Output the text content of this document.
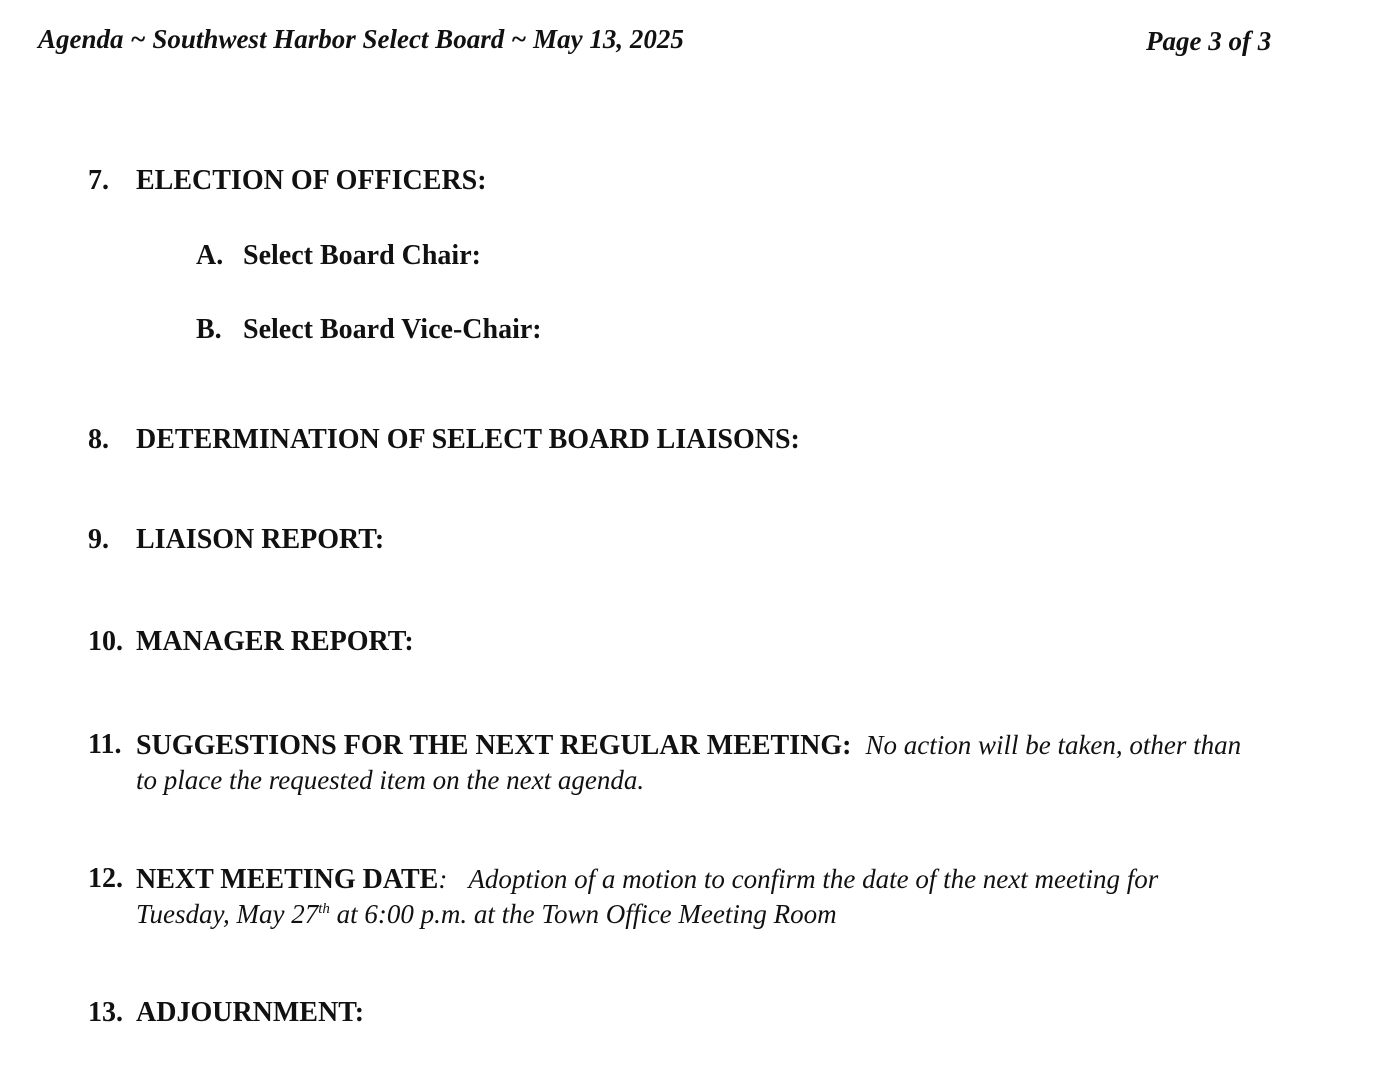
Agenda ~ Southwest Harbor Select Board ~ May 13, 2025	Page 3 of 3
7. ELECTION OF OFFICERS:
A. Select Board Chair:
B. Select Board Vice-Chair:
8. DETERMINATION OF SELECT BOARD LIAISONS:
9. LIAISON REPORT:
10. MANAGER REPORT:
11. SUGGESTIONS FOR THE NEXT REGULAR MEETING: No action will be taken, other than to place the requested item on the next agenda.
12. NEXT MEETING DATE: Adoption of a motion to confirm the date of the next meeting for Tuesday, May 27th at 6:00 p.m. at the Town Office Meeting Room
13. ADJOURNMENT:
